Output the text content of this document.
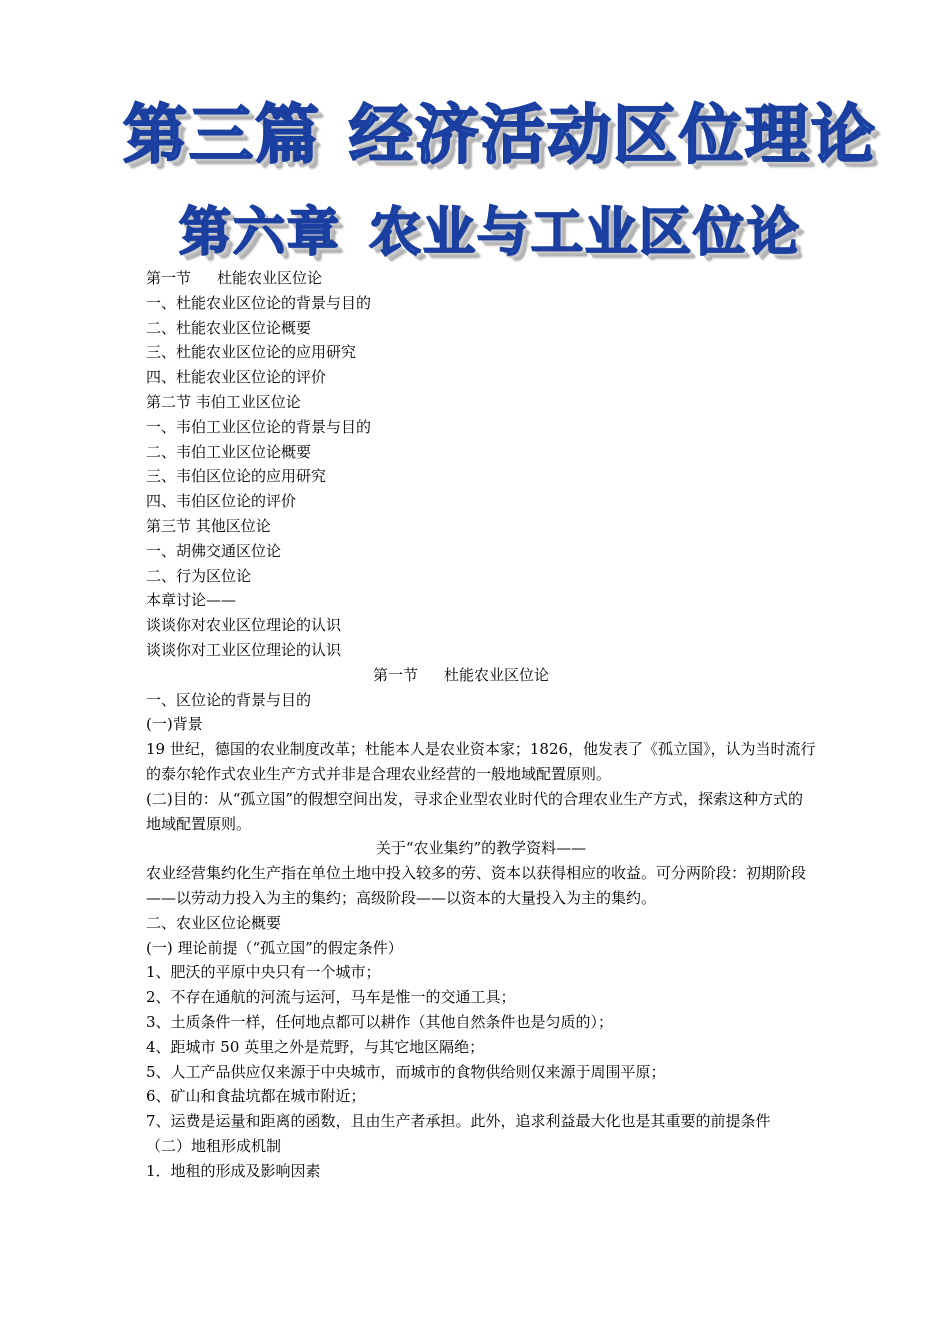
第三篇 经济活动区位理论
第六章 农业与工业区位论
第一节 杜能农业区位论
一、杜能农业区位论的背景与目的
二、杜能农业区位论概要
三、杜能农业区位论的应用研究
四、杜能农业区位论的评价
第二节 韦伯工业区位论
一、韦伯工业区位论的背景与目的
二、韦伯工业区位论概要
三、韦伯区位论的应用研究
四、韦伯区位论的评价
第三节 其他区位论
一、胡佛交通区位论
二、行为区位论
本章讨论——
谈谈你对农业区位理论的认识
谈谈你对工业区位理论的认识
第一节 杜能农业区位论
一、区位论的背景与目的
(一)背景
19 世纪，德国的农业制度改革；杜能本人是农业资本家；1826，他发表了《孤立国》，认为当时流行的泰尔轮作式农业生产方式并非是合理农业经营的一般地域配置原则。
(二)目的：从“孤立国”的假想空间出发，寻求企业型农业时代的合理农业生产方式，探索这种方式的地域配置原则。
关于“农业集约”的教学资料——
农业经营集约化生产指在单位土地中投入较多的劳、资本以获得相应的收益。可分两阶段：初期阶段——以劳动力投入为主的集约；高级阶段——以资本的大量投入为主的集约。
二、农业区位论概要
(一) 理论前提（“孤立国”的假定条件）
1、肥沃的平原中央只有一个城市；
2、不存在通航的河流与运河，马车是惟一的交通工具；
3、土质条件一样，任何地点都可以耕作（其他自然条件也是匀质的）；
4、距城市 50 英里之外是荒野，与其它地区隔绝；
5、人工产品供应仅来源于中央城市，而城市的食物供给则仅来源于周围平原；
6、矿山和食盐坑都在城市附近；
7、运费是运量和距离的函数，且由生产者承担。此外，追求利益最大化也是其重要的前提条件
（二）地租形成机制
1．地租的形成及影响因素
